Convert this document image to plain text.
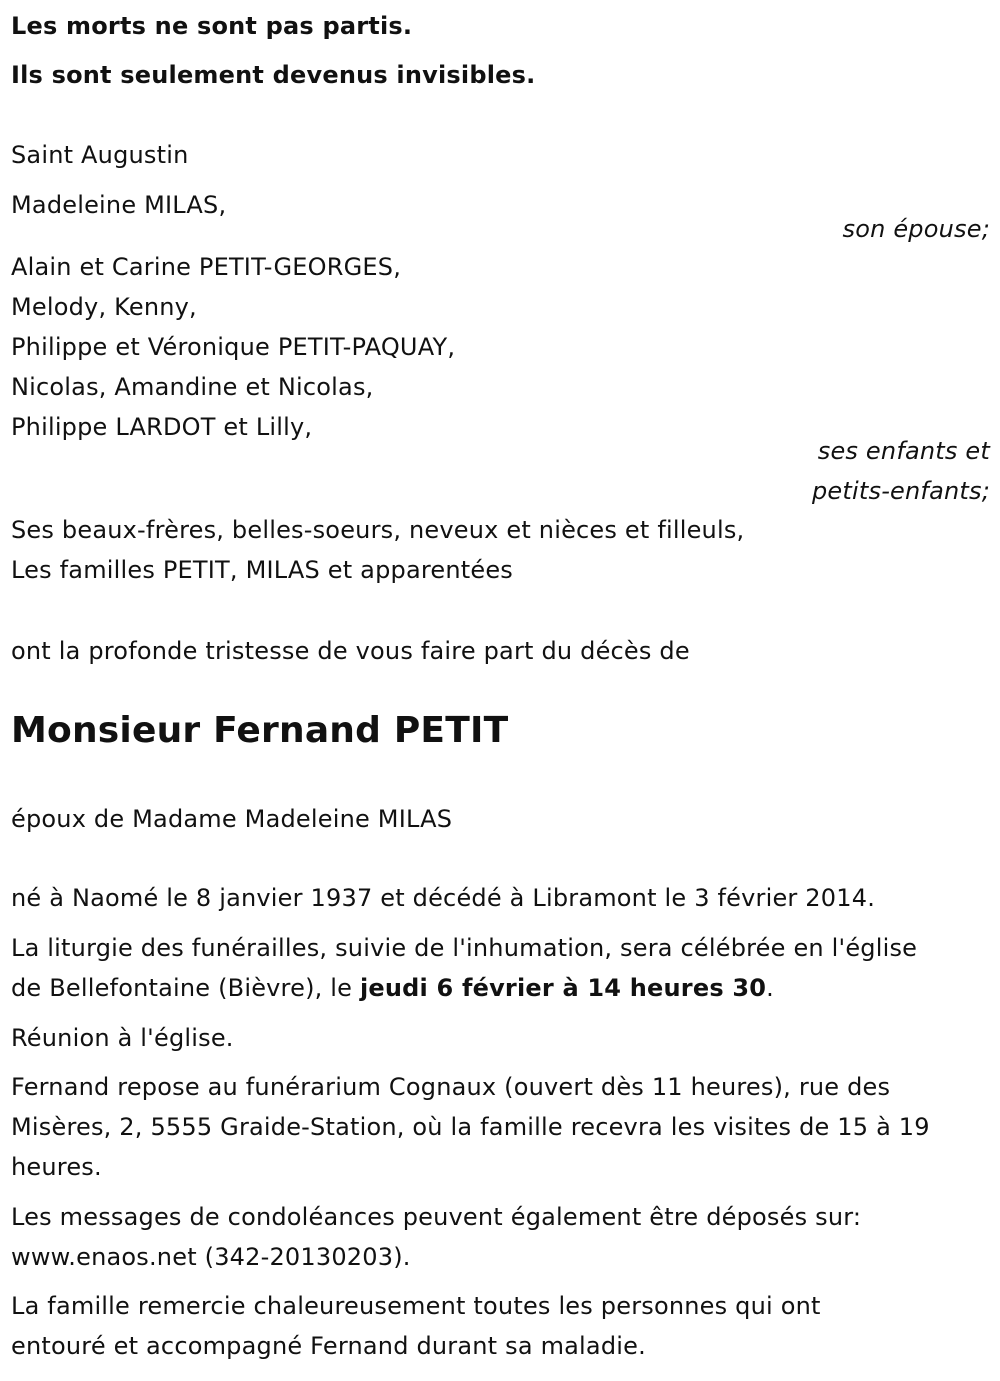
Les morts ne sont pas partis.
Ils sont seulement devenus invisibles.
Saint Augustin
Madeleine MILAS,
son épouse;
Alain et Carine PETIT-GEORGES,
Melody, Kenny,
Philippe et Véronique PETIT-PAQUAY,
Nicolas, Amandine et Nicolas,
Philippe LARDOT et Lilly,
ses enfants et
petits-enfants;
Ses beaux-frères, belles-soeurs, neveux et nièces et filleuls,
Les familles PETIT, MILAS et apparentées
ont la profonde tristesse de vous faire part du décès de
Monsieur Fernand PETIT
époux de Madame Madeleine MILAS
né à Naomé le 8 janvier 1937 et décédé à Libramont le 3 février 2014.
La liturgie des funérailles, suivie de l'inhumation, sera célébrée en l'église
de Bellefontaine (Bièvre), le jeudi 6 février à 14 heures 30.
Réunion à l'église.
Fernand repose au funérarium Cognaux (ouvert dès 11 heures), rue des
Misères, 2, 5555 Graide-Station, où la famille recevra les visites de 15 à 19
heures.
Les messages de condoléances peuvent également être déposés sur:
www.enaos.net (342-20130203).
La famille remercie chaleureusement toutes les personnes qui ont
entouré et accompagné Fernand durant sa maladie.
